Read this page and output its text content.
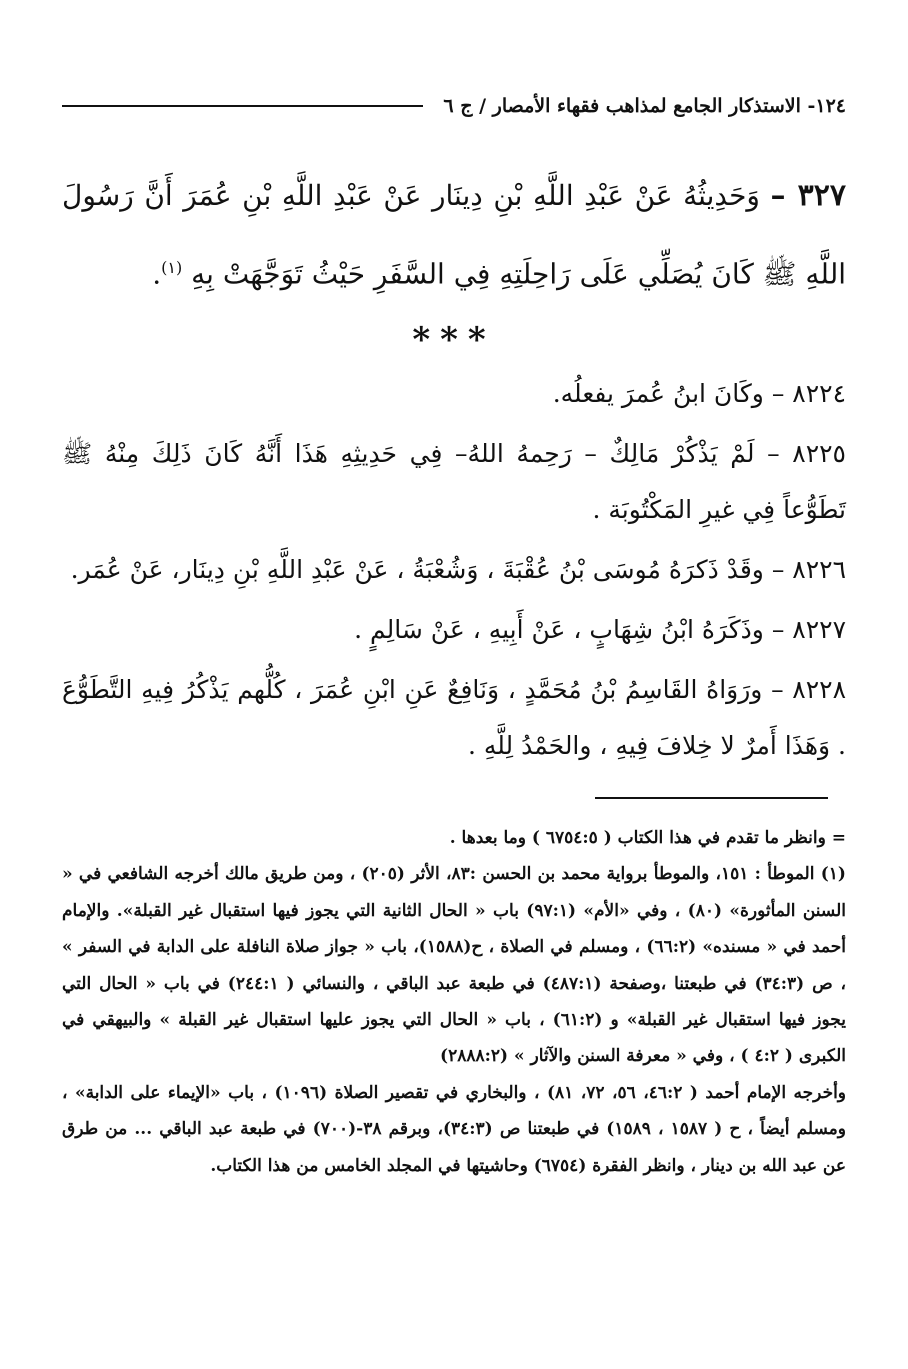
١٢٤- الاستذكار الجامع لمذاهب فقهاء الأمصار / ج ٦

٣٢٧ – وَحَدِيثُهُ عَنْ عَبْدِ اللَّهِ بْنِ دِينَار عَنْ عَبْدِ اللَّهِ بْنِ عُمَرَ أَنَّ رَسُولَ اللَّهِ ﷺ كَانَ يُصَلِّي عَلَى رَاحِلَتِهِ فِي السَّفَرِ حَيْثُ تَوَجَّهَتْ بِهِ $^{(١)}$.

***

٨٢٢٤ – وكَانَ ابنُ عُمرَ يفعلُه.

٨٢٢٥ – لَمْ يَذْكُرْ مَالِكٌ – رَحِمهُ اللهُ– فِي حَدِيثِهِ هَذَا أَنَّهُ كَانَ ذَلِكَ مِنْهُ ﷺ تَطَوُّعاً فِي غيرِ المَكْتُوبَة .

٨٢٢٦ – وقَدْ ذَكرَهُ مُوسَى بْنُ عُقْبَةَ ، وَشُعْبَةُ ، عَنْ عَبْدِ اللَّهِ بْنِ دِينَار، عَنْ عُمَر.

٨٢٢٧ – وذَكَرَهُ ابْنُ شِهَابٍ ، عَنْ أَبِيهِ ، عَنْ سَالِمٍ .

٨٢٢٨ – ورَوَاهُ القَاسِمُ بْنُ مُحَمَّدٍ ، وَنَافِعٌ عَنِ ابْنِ عُمَرَ ، كُلُّهم يَذْكُرُ فِيهِ التَّطَوُّعَ . وَهَذَا أَمرٌ لا خِلافَ فِيهِ ، والحَمْدُ لِلَّهِ .

= وانظر ما تقدم في هذا الكتاب ( ٦٧٥٤:٥ ) وما بعدها .

(١) الموطأ : ١٥١، والموطأ برواية محمد بن الحسن :٨٣، الأثر (٢٠٥) ، ومن طريق مالك أخرجه الشافعي في « السنن المأثورة» (٨٠) ، وفي «الأم» (٩٧:١) باب « الحال الثانية التي يجوز فيها استقبال غير القبلة». والإمام أحمد في « مسنده» (٦٦:٢) ، ومسلم في الصلاة ، ح(١٥٨٨)، باب « جواز صلاة النافلة على الدابة في السفر » ، ص (٣٤:٣) في طبعتنا ،وصفحة (٤٨٧:١) في طبعة عبد الباقي ، والنسائي ( ٢٤٤:١) في باب « الحال التي يجوز فيها استقبال غير القبلة» و (٦١:٢) ، باب « الحال التي يجوز عليها استقبال غير القبلة » والبيهقي في الكبرى ( ٤:٢ ) ، وفي « معرفة السنن والآثار » (٢٨٨٨:٢)

وأخرجه الإمام أحمد ( ٤٦:٢، ٥٦، ٧٢، ٨١) ، والبخاري في تقصير الصلاة (١٠٩٦) ، باب «الإيماء على الدابة» ، ومسلم أيضاً ، ح ( ١٥٨٧ ، ١٥٨٩) في طبعتنا ص (٣٤:٣)، وبرقم ٣٨-(٧٠٠) في طبعة عبد الباقي ... من طرق عن عبد الله بن دينار ، وانظر الفقرة (٦٧٥٤) وحاشيتها في المجلد الخامس من هذا الكتاب.
